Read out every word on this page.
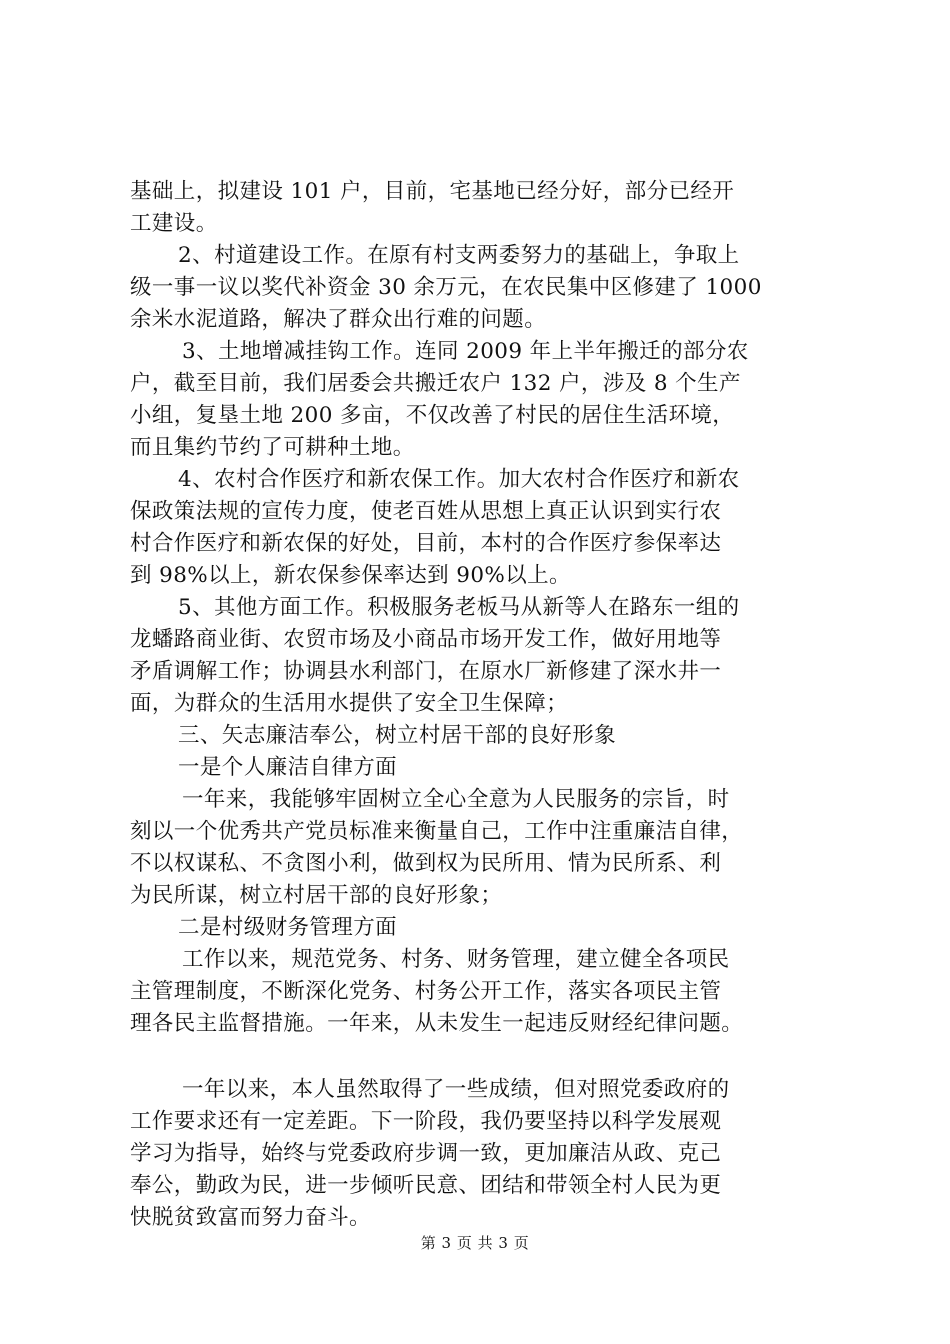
基础上，拟建设 101 户，目前，宅基地已经分好，部分已经开
工建设。
2、村道建设工作。在原有村支两委努力的基础上，争取上
级一事一议以奖代补资金 30 余万元，在农民集中区修建了 1000
余米水泥道路，解决了群众出行难的问题。
3、土地增减挂钩工作。连同 2009 年上半年搬迁的部分农
户，截至目前，我们居委会共搬迁农户 132 户，涉及 8 个生产
小组，复垦土地 200 多亩，不仅改善了村民的居住生活环境，
而且集约节约了可耕种土地。
4、农村合作医疗和新农保工作。加大农村合作医疗和新农
保政策法规的宣传力度，使老百姓从思想上真正认识到实行农
村合作医疗和新农保的好处，目前，本村的合作医疗参保率达
到 98%以上，新农保参保率达到 90%以上。
5、其他方面工作。积极服务老板马从新等人在路东一组的
龙蟠路商业街、农贸市场及小商品市场开发工作，做好用地等
矛盾调解工作；协调县水利部门，在原水厂新修建了深水井一
面，为群众的生活用水提供了安全卫生保障；
三、矢志廉洁奉公，树立村居干部的良好形象
一是个人廉洁自律方面
一年来，我能够牢固树立全心全意为人民服务的宗旨，时
刻以一个优秀共产党员标准来衡量自己，工作中注重廉洁自律，
不以权谋私、不贪图小利，做到权为民所用、情为民所系、利
为民所谋，树立村居干部的良好形象；
二是村级财务管理方面
工作以来，规范党务、村务、财务管理，建立健全各项民
主管理制度，不断深化党务、村务公开工作，落实各项民主管
理各民主监督措施。一年来，从未发生一起违反财经纪律问题。
一年以来，本人虽然取得了一些成绩，但对照党委政府的
工作要求还有一定差距。下一阶段，我仍要坚持以科学发展观
学习为指导，始终与党委政府步调一致，更加廉洁从政、克己
奉公，勤政为民，进一步倾听民意、团结和带领全村人民为更
快脱贫致富而努力奋斗。
第 3 页 共 3 页
